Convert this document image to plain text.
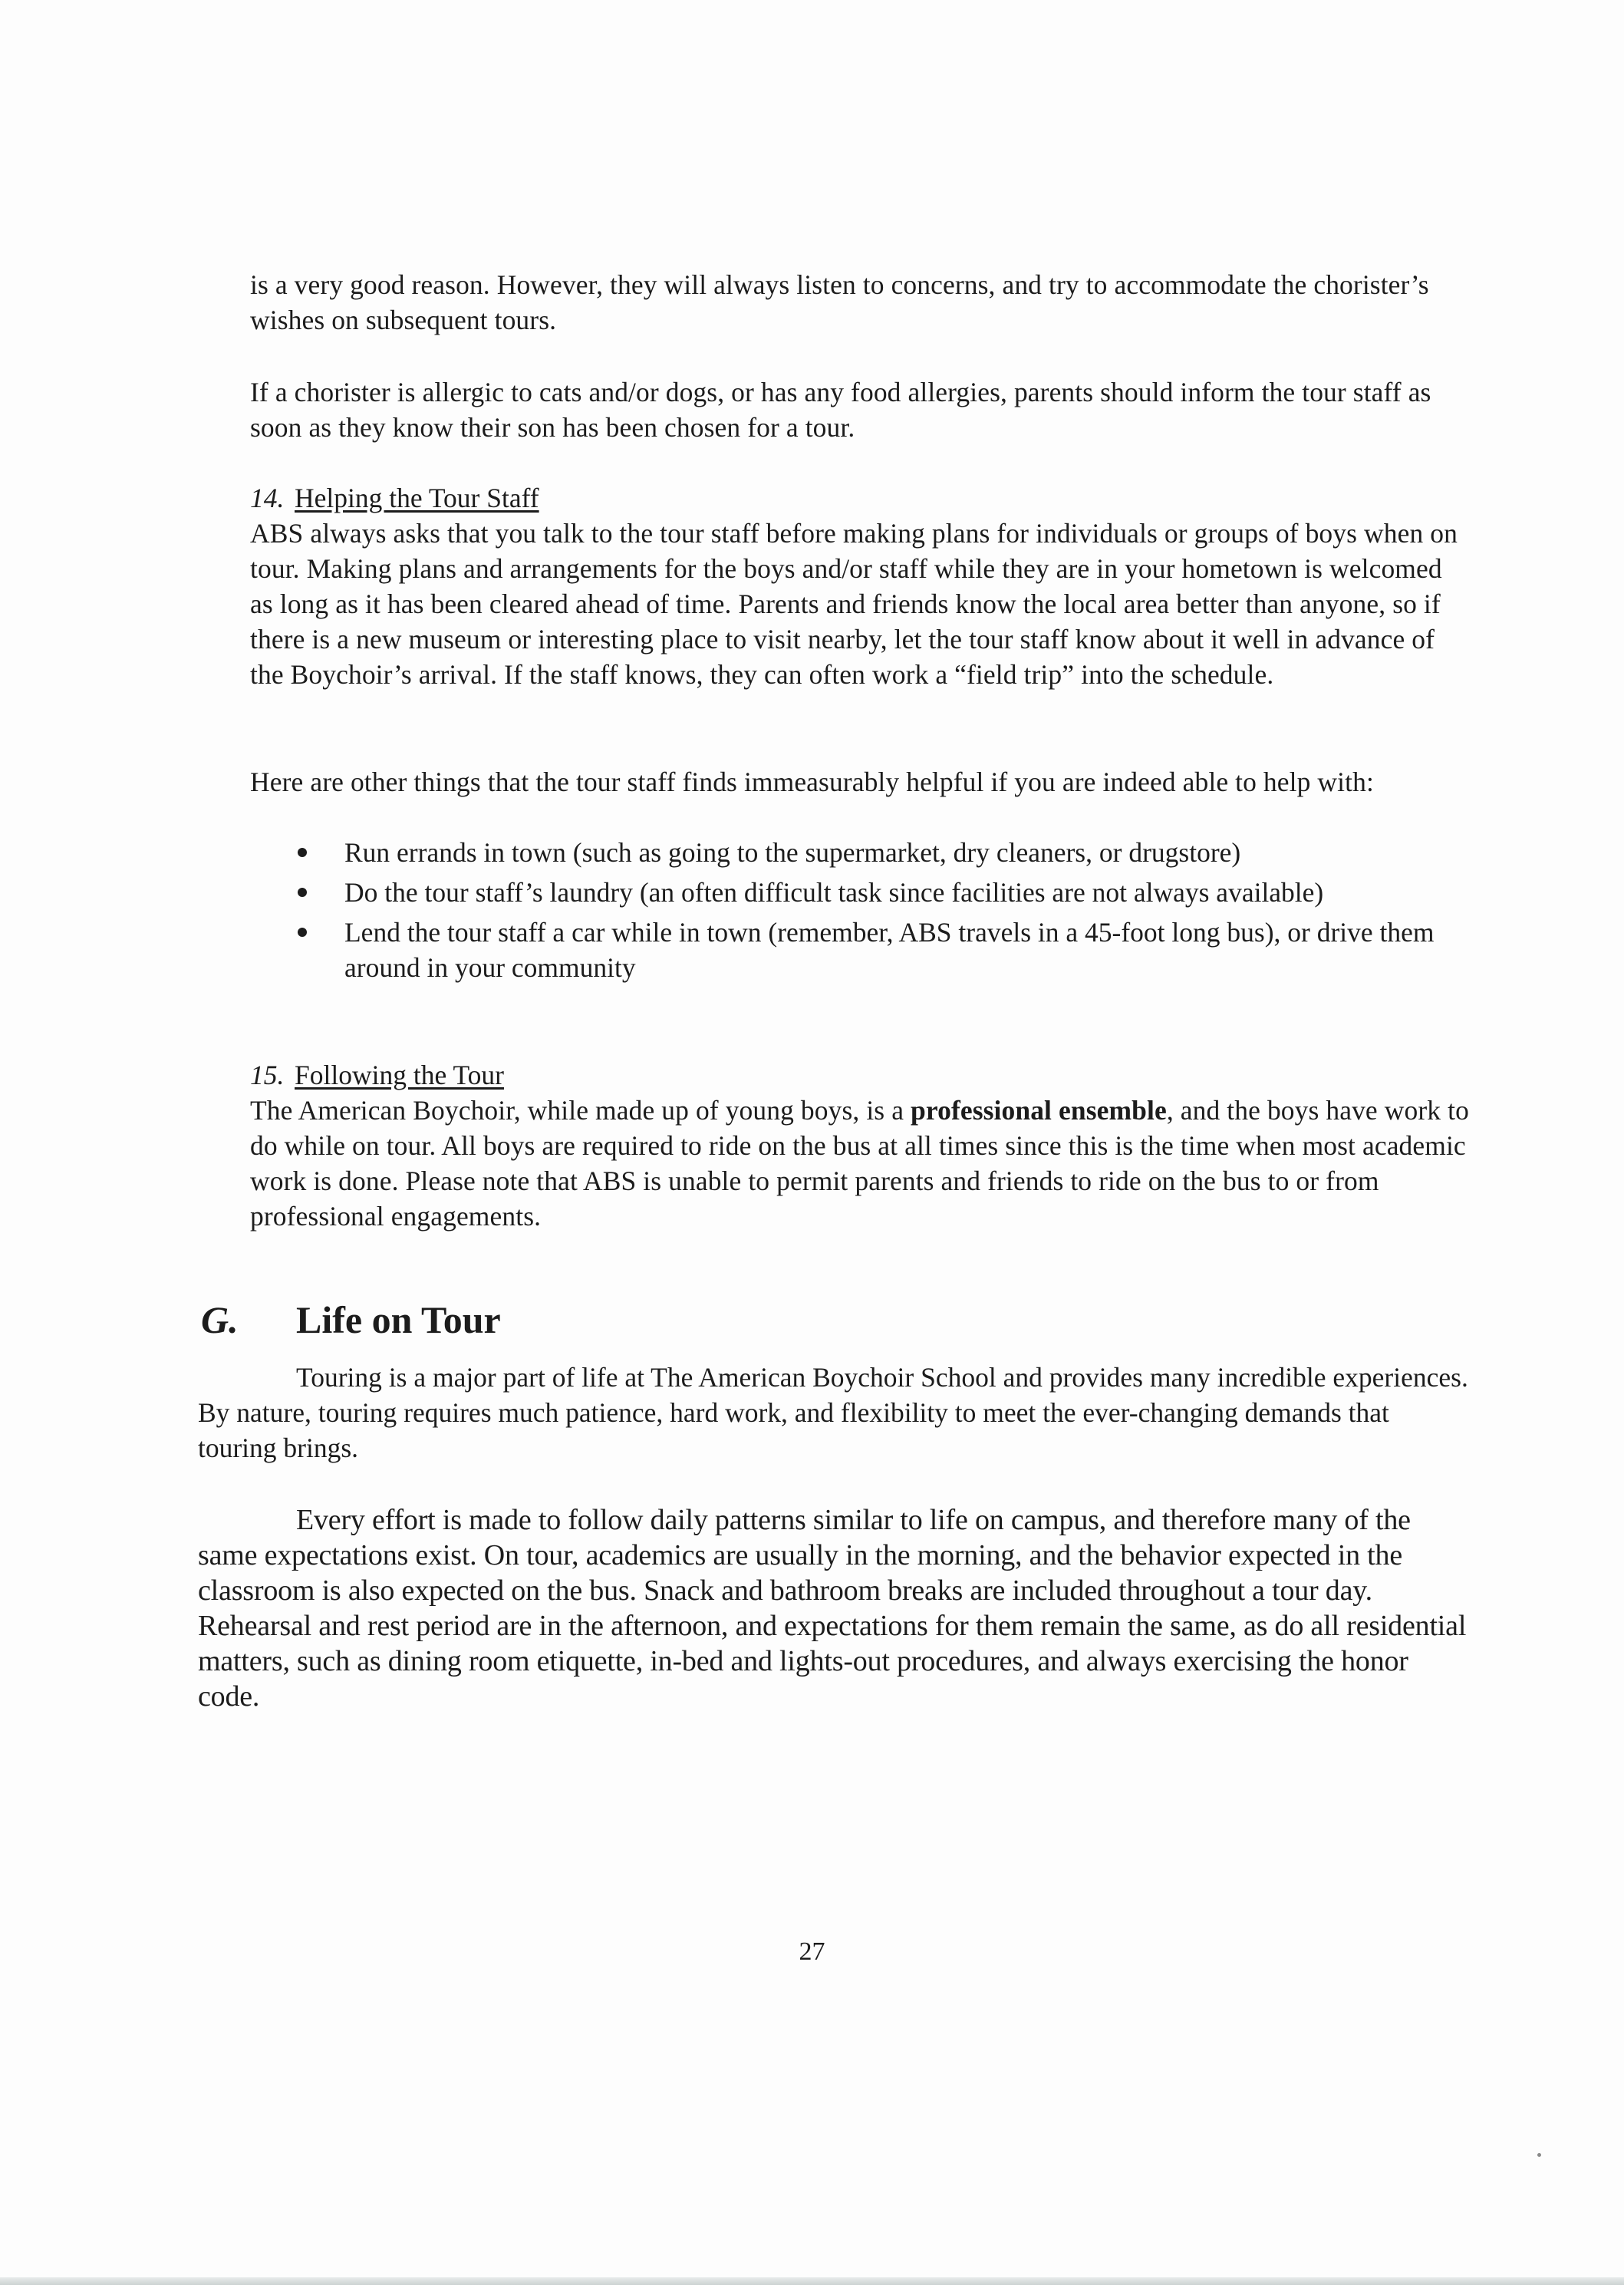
is a very good reason. However, they will always listen to concerns, and try to accommodate the chorister’s wishes on subsequent tours.

If a chorister is allergic to cats and/or dogs, or has any food allergies, parents should inform the tour staff as soon as they know their son has been chosen for a tour.

14. Helping the Tour Staff

ABS always asks that you talk to the tour staff before making plans for individuals or groups of boys when on tour. Making plans and arrangements for the boys and/or staff while they are in your hometown is welcomed as long as it has been cleared ahead of time. Parents and friends know the local area better than anyone, so if there is a new museum or interesting place to visit nearby, let the tour staff know about it well in advance of the Boychoir’s arrival. If the staff knows, they can often work a “field trip” into the schedule.

Here are other things that the tour staff finds immeasurably helpful if you are indeed able to help with:

Run errands in town (such as going to the supermarket, dry cleaners, or drugstore)
Do the tour staff’s laundry (an often difficult task since facilities are not always available)
Lend the tour staff a car while in town (remember, ABS travels in a 45-foot long bus), or drive them around in your community
15. Following the Tour

The American Boychoir, while made up of young boys, is a professional ensemble, and the boys have work to do while on tour. All boys are required to ride on the bus at all times since this is the time when most academic work is done. Please note that ABS is unable to permit parents and friends to ride on the bus to or from professional engagements.

G. Life on Tour

Touring is a major part of life at The American Boychoir School and provides many incredible experiences. By nature, touring requires much patience, hard work, and flexibility to meet the ever-changing demands that touring brings.

Every effort is made to follow daily patterns similar to life on campus, and therefore many of the same expectations exist. On tour, academics are usually in the morning, and the behavior expected in the classroom is also expected on the bus. Snack and bathroom breaks are included throughout a tour day. Rehearsal and rest period are in the afternoon, and expectations for them remain the same, as do all residential matters, such as dining room etiquette, in-bed and lights-out procedures, and always exercising the honor code.

27
